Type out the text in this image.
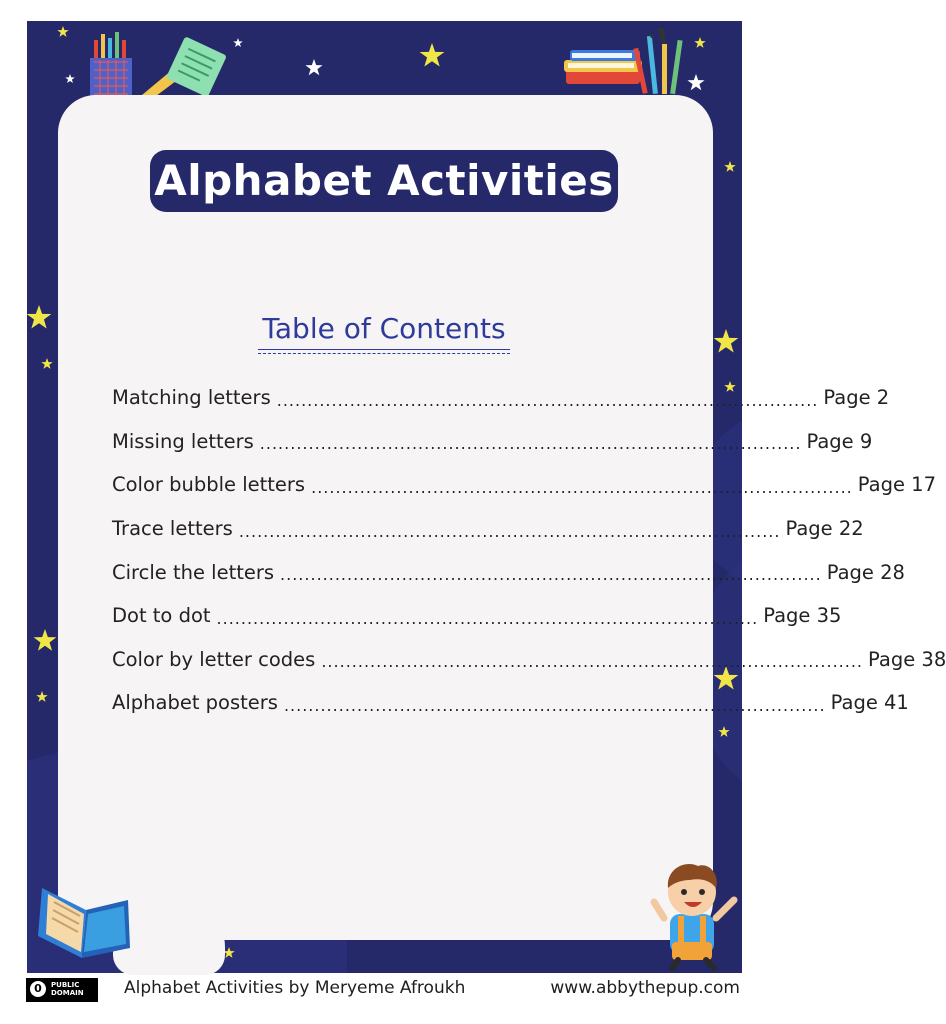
Alphabet Activities
Table of Contents
Matching letters ......................................................................................... Page 2
Missing letters ......................................................................................... Page 9
Color bubble letters ......................................................................................... Page 17
Trace letters ......................................................................................... Page 22
Circle the letters ......................................................................................... Page 28
Dot to dot ......................................................................................... Page 35
Color by letter codes ......................................................................................... Page 38
Alphabet posters ......................................................................................... Page 41
0	PUBLIC
DOMAIN Alphabet Activities by Meryeme Afroukh	www.abbythepup.com
